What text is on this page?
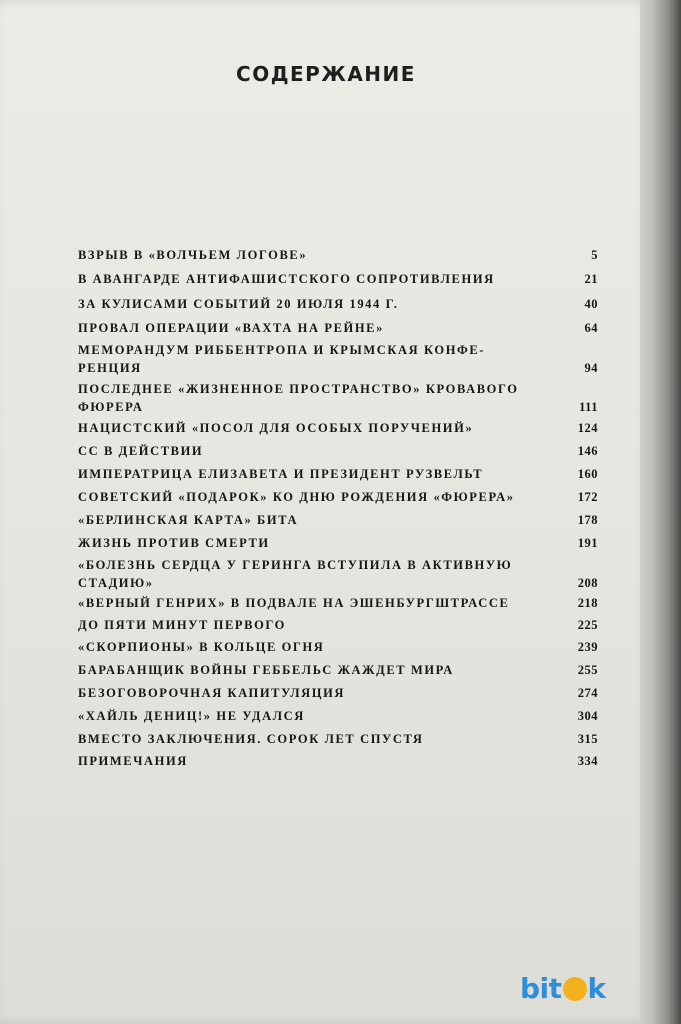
СОДЕРЖАНИЕ
ВЗРЫВ В «ВОЛЧЬЕМ ЛОГОВЕ»	5
В АВАНГАРДЕ АНТИФАШИСТСКОГО СОПРОТИВЛЕНИЯ	21
ЗА КУЛИСАМИ СОБЫТИЙ 20 ИЮЛЯ 1944 Г.	40
ПРОВАЛ ОПЕРАЦИИ «ВАХТА НА РЕЙНЕ»	64
МЕМОРАНДУМ РИББЕНТРОПА И КРЫМСКАЯ КОНФЕ-РЕНЦИЯ	94
ПОСЛЕДНЕЕ «ЖИЗНЕННОЕ ПРОСТРАНСТВО» КРОВАВОГО ФЮРЕРА	111
НАЦИСТСКИЙ «ПОСОЛ ДЛЯ ОСОБЫХ ПОРУЧЕНИЙ»	124
СС В ДЕЙСТВИИ	146
ИМПЕРАТРИЦА ЕЛИЗАВЕТА И ПРЕЗИДЕНТ РУЗВЕЛЬТ	160
СОВЕТСКИЙ «ПОДАРОК» КО ДНЮ РОЖДЕНИЯ «ФЮРЕРА»	172
«БЕРЛИНСКАЯ КАРТА» БИТА	178
ЖИЗНЬ ПРОТИВ СМЕРТИ	191
«БОЛЕЗНЬ СЕРДЦА У ГЕРИНГА ВСТУПИЛА В АКТИВНУЮ СТАДИЮ»	208
«ВЕРНЫЙ ГЕНРИХ» В ПОДВАЛЕ НА ЭШЕНБУРГШТРАССЕ	218
ДО ПЯТИ МИНУТ ПЕРВОГО	225
«СКОРПИОНЫ» В КОЛЬЦЕ ОГНЯ	239
БАРАБАНЩИК ВОЙНЫ ГЕББЕЛЬС ЖАЖДЕТ МИРА	255
БЕЗОГОВОРОЧНАЯ КАПИТУЛЯЦИЯ	274
«ХАЙЛЬ ДЕНИЦ!» НЕ УДАЛСЯ	304
ВМЕСТО ЗАКЛЮЧЕНИЯ. СОРОК ЛЕТ СПУСТЯ	315
ПРИМЕЧАНИЯ	334
bit k
